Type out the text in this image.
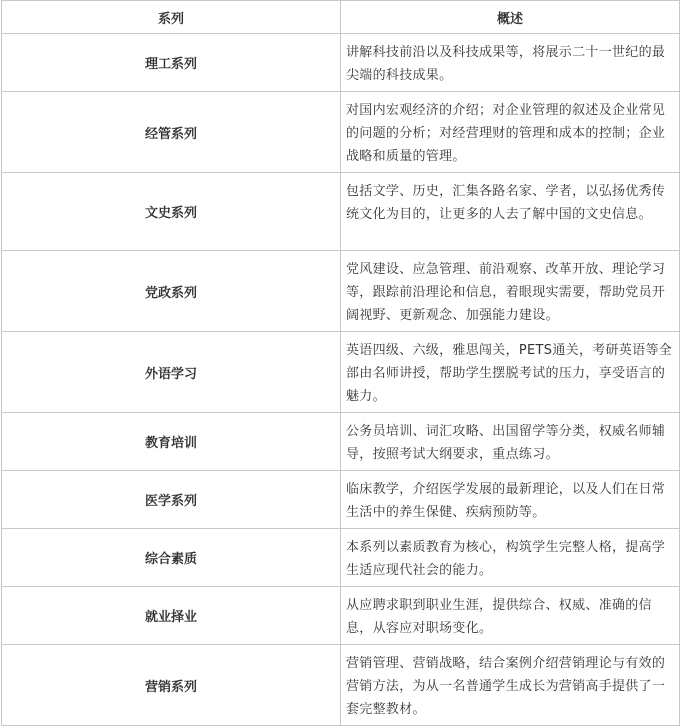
系列	概述
理工系列	讲解科技前沿以及科技成果等，将展示二十一世纪的最尖端的科技成果。
经管系列	对国内宏观经济的介绍；对企业管理的叙述及企业常见的问题的分析；对经营理财的管理和成本的控制；企业战略和质量的管理。
文史系列	包括文学、历史，汇集各路名家、学者，以弘扬优秀传统文化为目的，让更多的人去了解中国的文史信息。
党政系列	党风建设、应急管理、前沿观察、改革开放、理论学习等，跟踪前沿理论和信息，着眼现实需要，帮助党员开阔视野、更新观念、加强能力建设。
外语学习	英语四级、六级，雅思闯关，PETS通关，考研英语等全部由名师讲授，帮助学生摆脱考试的压力，享受语言的魅力。
教育培训	公务员培训、词汇攻略、出国留学等分类，权威名师辅导，按照考试大纲要求，重点练习。
医学系列	临床教学，介绍医学发展的最新理论，以及人们在日常生活中的养生保健、疾病预防等。
综合素质	本系列以素质教育为核心，构筑学生完整人格，提高学生适应现代社会的能力。
就业择业	从应聘求职到职业生涯，提供综合、权威、准确的信息，从容应对职场变化。
营销系列	营销管理、营销战略，结合案例介绍营销理论与有效的营销方法，为从一名普通学生成长为营销高手提供了一套完整教材。
